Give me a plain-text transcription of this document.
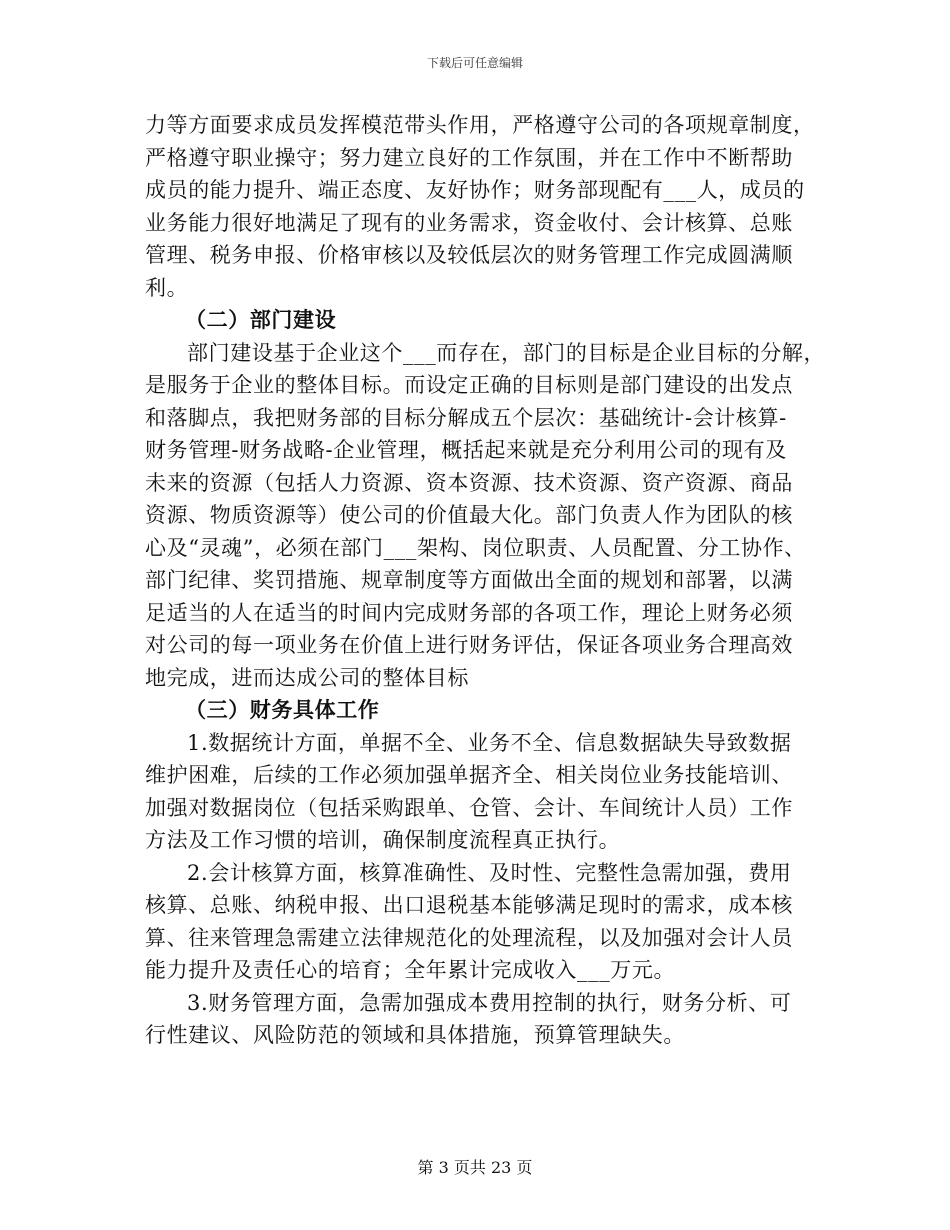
下载后可任意编辑
力等方面要求成员发挥模范带头作用，严格遵守公司的各项规章制度，
严格遵守职业操守；努力建立良好的工作氛围，并在工作中不断帮助
成员的能力提升、端正态度、友好协作；财务部现配有___人，成员的
业务能力很好地满足了现有的业务需求，资金收付、会计核算、总账
管理、税务申报、价格审核以及较低层次的财务管理工作完成圆满顺
利。
（二）部门建设
部门建设基于企业这个___而存在，部门的目标是企业目标的分解，
是服务于企业的整体目标。而设定正确的目标则是部门建设的出发点
和落脚点，我把财务部的目标分解成五个层次：基础统计-会计核算-
财务管理-财务战略-企业管理，概括起来就是充分利用公司的现有及
未来的资源（包括人力资源、资本资源、技术资源、资产资源、商品
资源、物质资源等）使公司的价值最大化。部门负责人作为团队的核
心及“灵魂”，必须在部门___架构、岗位职责、人员配置、分工协作、
部门纪律、奖罚措施、规章制度等方面做出全面的规划和部署，以满
足适当的人在适当的时间内完成财务部的各项工作，理论上财务必须
对公司的每一项业务在价值上进行财务评估，保证各项业务合理高效
地完成，进而达成公司的整体目标
（三）财务具体工作
1.数据统计方面，单据不全、业务不全、信息数据缺失导致数据
维护困难，后续的工作必须加强单据齐全、相关岗位业务技能培训、
加强对数据岗位（包括采购跟单、仓管、会计、车间统计人员）工作
方法及工作习惯的培训，确保制度流程真正执行。
2.会计核算方面，核算准确性、及时性、完整性急需加强，费用
核算、总账、纳税申报、出口退税基本能够满足现时的需求，成本核
算、往来管理急需建立法律规范化的处理流程，以及加强对会计人员
能力提升及责任心的培育；全年累计完成收入___万元。
3.财务管理方面，急需加强成本费用控制的执行，财务分析、可
行性建议、风险防范的领域和具体措施，预算管理缺失。
第 3 页共 23 页
